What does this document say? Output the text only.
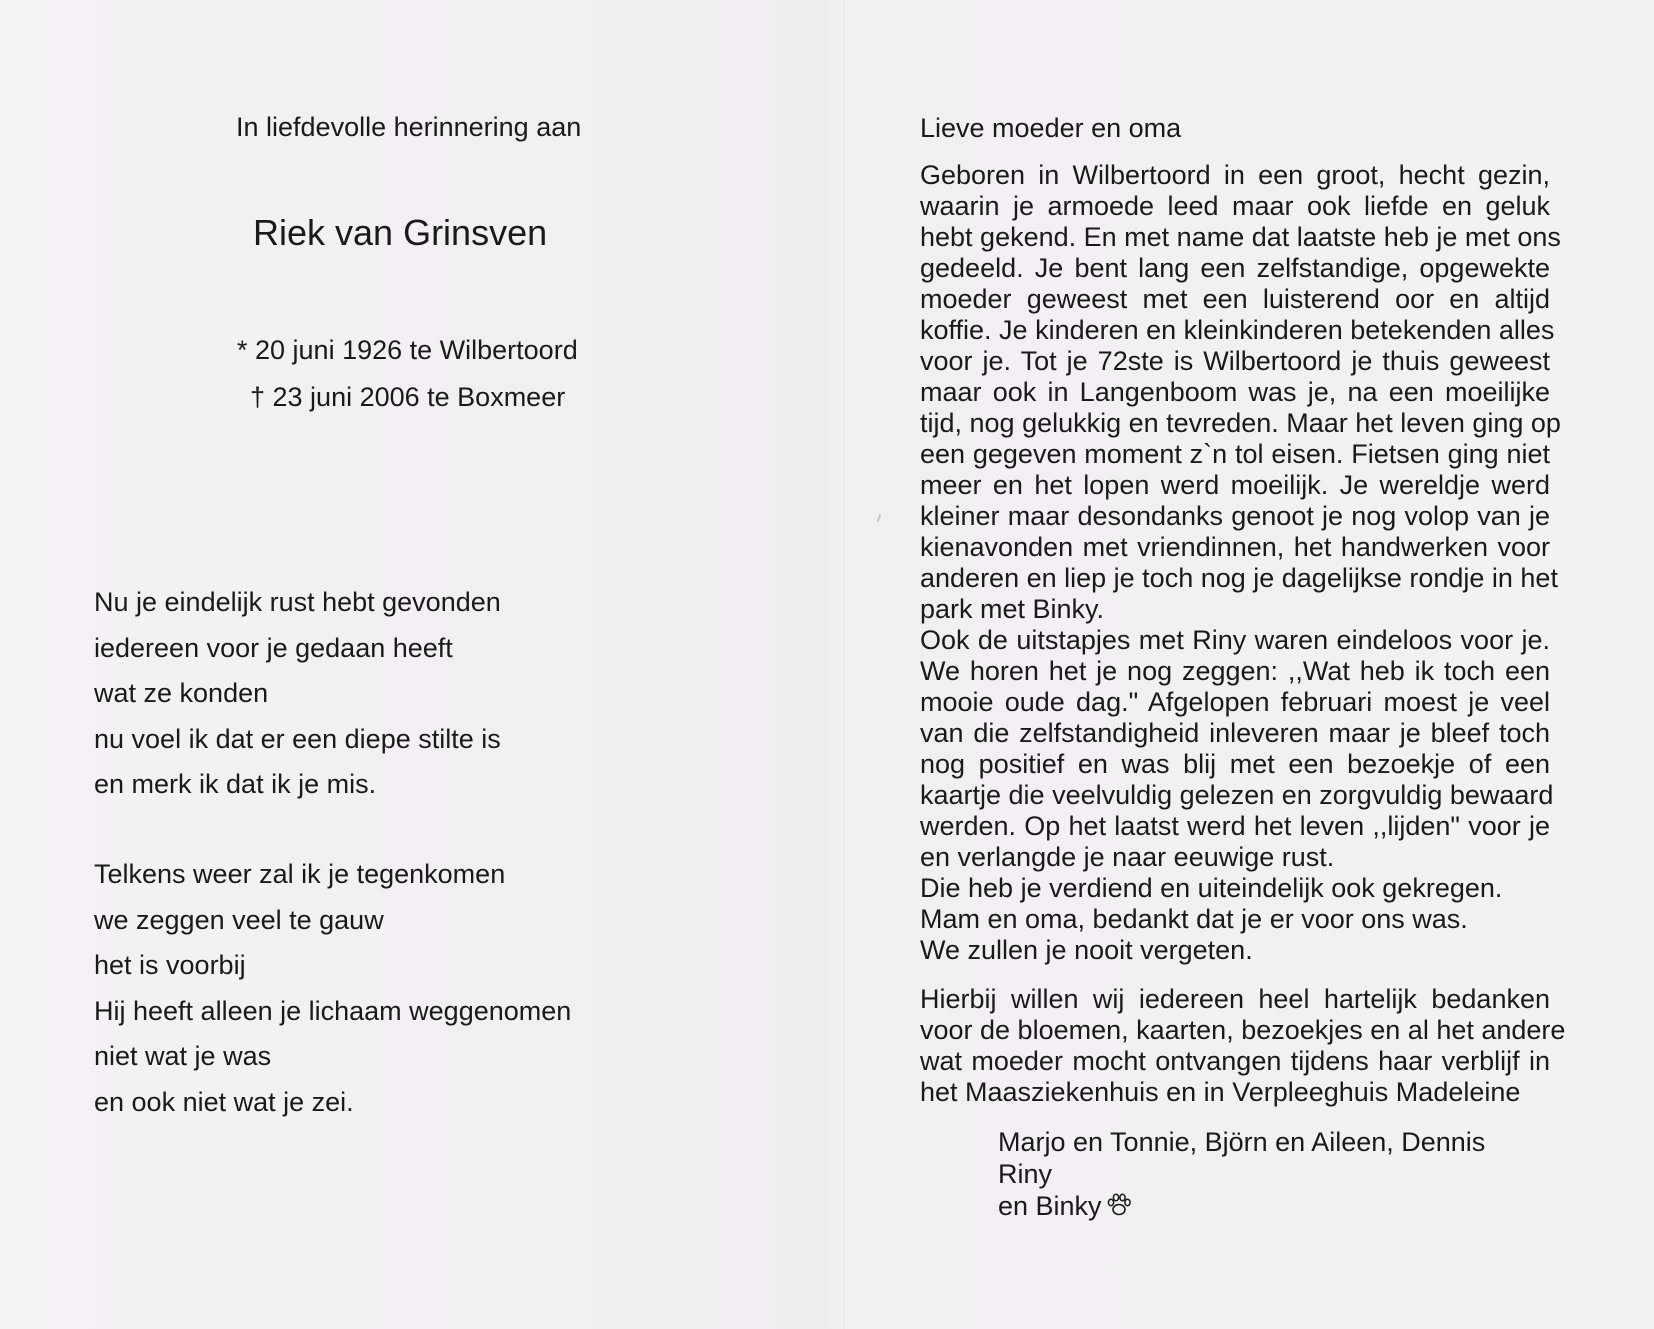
In liefdevolle herinnering aan
Riek van Grinsven
* 20 juni 1926 te Wilbertoord
† 23 juni 2006 te Boxmeer
Nu je eindelijk rust hebt gevonden
iedereen voor je gedaan heeft
wat ze konden
nu voel ik dat er een diepe stilte is
en merk ik dat ik je mis.
Telkens weer zal ik je tegenkomen
we zeggen veel te gauw
het is voorbij
Hij heeft alleen je lichaam weggenomen
niet wat je was
en ook niet wat je zei.
Lieve moeder en oma
Geboren in Wilbertoord in een groot, hecht gezin,
waarin je armoede leed maar ook liefde en geluk
hebt gekend. En met name dat laatste heb je met ons
gedeeld. Je bent lang een zelfstandige, opgewekte
moeder geweest met een luisterend oor en altijd
koffie. Je kinderen en kleinkinderen betekenden alles
voor je. Tot je 72ste is Wilbertoord je thuis geweest
maar ook in Langenboom was je, na een moeilijke
tijd, nog gelukkig en tevreden. Maar het leven ging op
een gegeven moment z`n tol eisen. Fietsen ging niet
meer en het lopen werd moeilijk. Je wereldje werd
kleiner maar desondanks genoot je nog volop van je
kienavonden met vriendinnen, het handwerken voor
anderen en liep je toch nog je dagelijkse rondje in het
park met Binky.
Ook de uitstapjes met Riny waren eindeloos voor je.
We horen het je nog zeggen: ,,Wat heb ik toch een
mooie oude dag." Afgelopen februari moest je veel
van die zelfstandigheid inleveren maar je bleef toch
nog positief en was blij met een bezoekje of een
kaartje die veelvuldig gelezen en zorgvuldig bewaard
werden. Op het laatst werd het leven ,,lijden" voor je
en verlangde je naar eeuwige rust.
Die heb je verdiend en uiteindelijk ook gekregen.
Mam en oma, bedankt dat je er voor ons was.
We zullen je nooit vergeten.
Hierbij willen wij iedereen heel hartelijk bedanken
voor de bloemen, kaarten, bezoekjes en al het andere
wat moeder mocht ontvangen tijdens haar verblijf in
het Maasziekenhuis en in Verpleeghuis Madeleine
Marjo en Tonnie, Björn en Aileen, Dennis
Riny
en Binky
